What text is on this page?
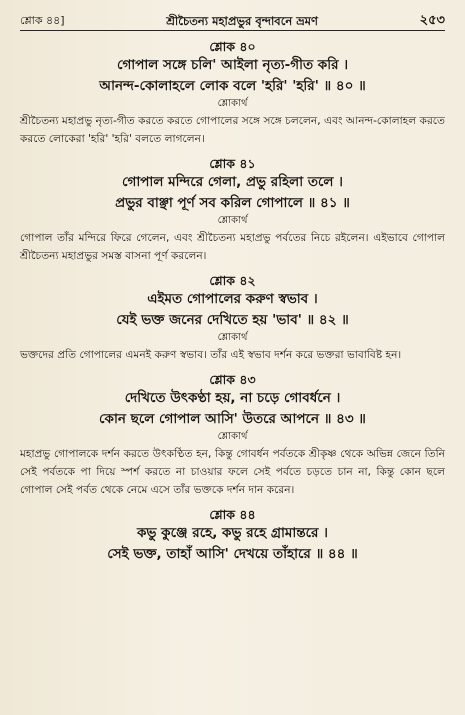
শ্লোক ৪৪]	শ্রীচৈতন্য মহাপ্রভুর বৃন্দাবনে ভ্রমণ	২৫৩
শ্লোক ৪০
গোপাল সঙ্গে চলি' আইলা নৃত্য-গীত করি ।
আনন্দ-কোলাহলে লোক বলে 'হরি' 'হরি' ॥ ৪০ ॥
শ্লোকার্থ

শ্রীচৈতন্য মহাপ্রভু নৃত্য-গীত করতে করতে গোপালের সঙ্গে সঙ্গে চললেন, এবং আনন্দ-কোলাহল করতে করতে লোকেরা 'হরি' 'হরি' বলতে লাগলেন।

শ্লোক ৪১
গোপাল মন্দিরে গেলা, প্রভু রহিলা তলে ।
প্রভুর বাঞ্ছা পূর্ণ সব করিল গোপালে ॥ ৪১ ॥
শ্লোকার্থ

গোপাল তাঁর মন্দিরে ফিরে গেলেন, এবং শ্রীচৈতন্য মহাপ্রভু পর্বতের নিচে রইলেন। এইভাবে গোপাল শ্রীচৈতন্য মহাপ্রভুর সমস্ত বাসনা পূর্ণ করলেন।

শ্লোক ৪২
এইমত গোপালের করুণ স্বভাব ।
যেই ভক্ত জনের দেখিতে হয় 'ভাব' ॥ ৪২ ॥
শ্লোকার্থ

ভক্তদের প্রতি গোপালের এমনই করুণ স্বভাব। তাঁর এই স্বভাব দর্শন করে ভক্তরা ভাবাবিষ্ট হন।

শ্লোক ৪৩
দেখিতে উৎকণ্ঠা হয়, না চড়ে গোবর্ধনে ।
কোন ছলে গোপাল আসি' উতরে আপনে ॥ ৪৩ ॥
শ্লোকার্থ

মহাপ্রভু গোপালকে দর্শন করতে উৎকণ্ঠিত হন, কিন্তু গোবর্ধন পর্বতকে শ্রীকৃষ্ণ থেকে অভিন্ন জেনে তিনি সেই পর্বতকে পা দিয়ে স্পর্শ করতে না চাওয়ার ফলে সেই পর্বতে চড়তে চান না, কিন্তু কোন ছলে গোপাল সেই পর্বত থেকে নেমে এসে তাঁর ভক্তকে দর্শন দান করেন।

শ্লোক ৪৪
কভু কুঞ্জে রহে, কভু রহে গ্রামান্তরে ।
সেই ভক্ত, তাহাঁ আসি' দেখয়ে তাঁহারে ॥ ৪৪ ॥
